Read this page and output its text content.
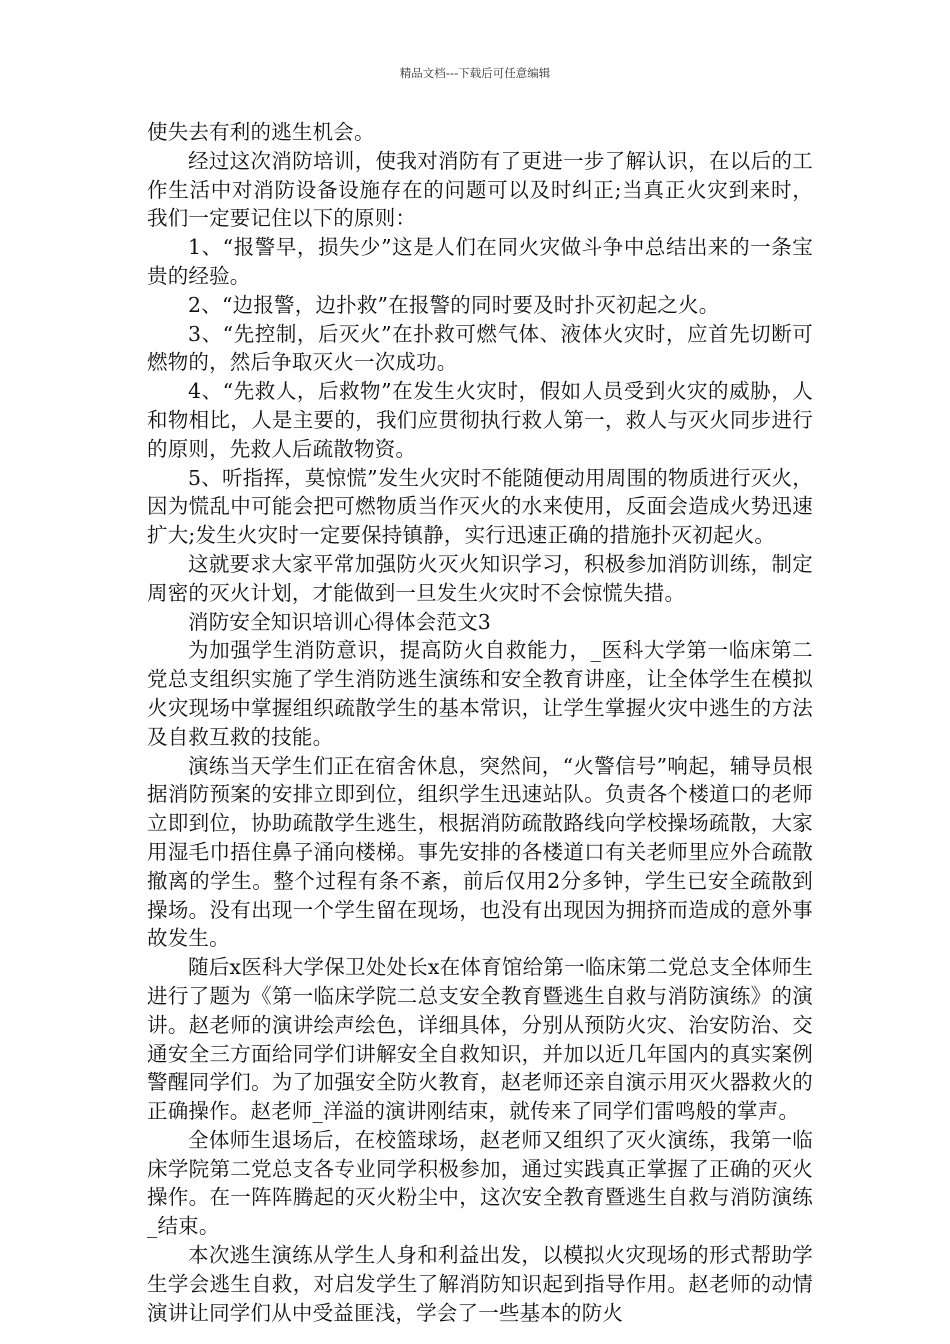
精品文档---下载后可任意编辑

使失去有利的逃生机会。

经过这次消防培训，使我对消防有了更进一步了解认识，在以后的工作生活中对消防设备设施存在的问题可以及时纠正;当真正火灾到来时，我们一定要记住以下的原则：

1、“报警早，损失少”这是人们在同火灾做斗争中总结出来的一条宝贵的经验。

2、“边报警，边扑救”在报警的同时要及时扑灭初起之火。

3、“先控制，后灭火”在扑救可燃气体、液体火灾时，应首先切断可燃物的，然后争取灭火一次成功。

4、“先救人，后救物”在发生火灾时，假如人员受到火灾的威胁，人和物相比，人是主要的，我们应贯彻执行救人第一，救人与灭火同步进行的原则，先救人后疏散物资。

5、听指挥，莫惊慌”发生火灾时不能随便动用周围的物质进行灭火，因为慌乱中可能会把可燃物质当作灭火的水来使用，反面会造成火势迅速扩大;发生火灾时一定要保持镇静，实行迅速正确的措施扑灭初起火。

这就要求大家平常加强防火灭火知识学习，积极参加消防训练，制定周密的灭火计划，才能做到一旦发生火灾时不会惊慌失措。

消防安全知识培训心得体会范文3

为加强学生消防意识，提高防火自救能力，_医科大学第一临床第二党总支组织实施了学生消防逃生演练和安全教育讲座，让全体学生在模拟火灾现场中掌握组织疏散学生的基本常识，让学生掌握火灾中逃生的方法及自救互救的技能。

演练当天学生们正在宿舍休息，突然间，“火警信号”响起，辅导员根据消防预案的安排立即到位，组织学生迅速站队。负责各个楼道口的老师立即到位，协助疏散学生逃生，根据消防疏散路线向学校操场疏散，大家用湿毛巾捂住鼻子涌向楼梯。事先安排的各楼道口有关老师里应外合疏散撤离的学生。整个过程有条不紊，前后仅用2分多钟，学生已安全疏散到操场。没有出现一个学生留在现场，也没有出现因为拥挤而造成的意外事故发生。

随后x医科大学保卫处处长x在体育馆给第一临床第二党总支全体师生进行了题为《第一临床学院二总支安全教育暨逃生自救与消防演练》的演讲。赵老师的演讲绘声绘色，详细具体，分别从预防火灾、治安防治、交通安全三方面给同学们讲解安全自救知识，并加以近几年国内的真实案例警醒同学们。为了加强安全防火教育，赵老师还亲自演示用灭火器救火的正确操作。赵老师_洋溢的演讲刚结束，就传来了同学们雷鸣般的掌声。

全体师生退场后，在校篮球场，赵老师又组织了灭火演练，我第一临床学院第二党总支各专业同学积极参加，通过实践真正掌握了正确的灭火操作。在一阵阵腾起的灭火粉尘中，这次安全教育暨逃生自救与消防演练_结束。

本次逃生演练从学生人身和利益出发，以模拟火灾现场的形式帮助学生学会逃生自救，对启发学生了解消防知识起到指导作用。赵老师的动情演讲让同学们从中受益匪浅，学会了一些基本的防火
